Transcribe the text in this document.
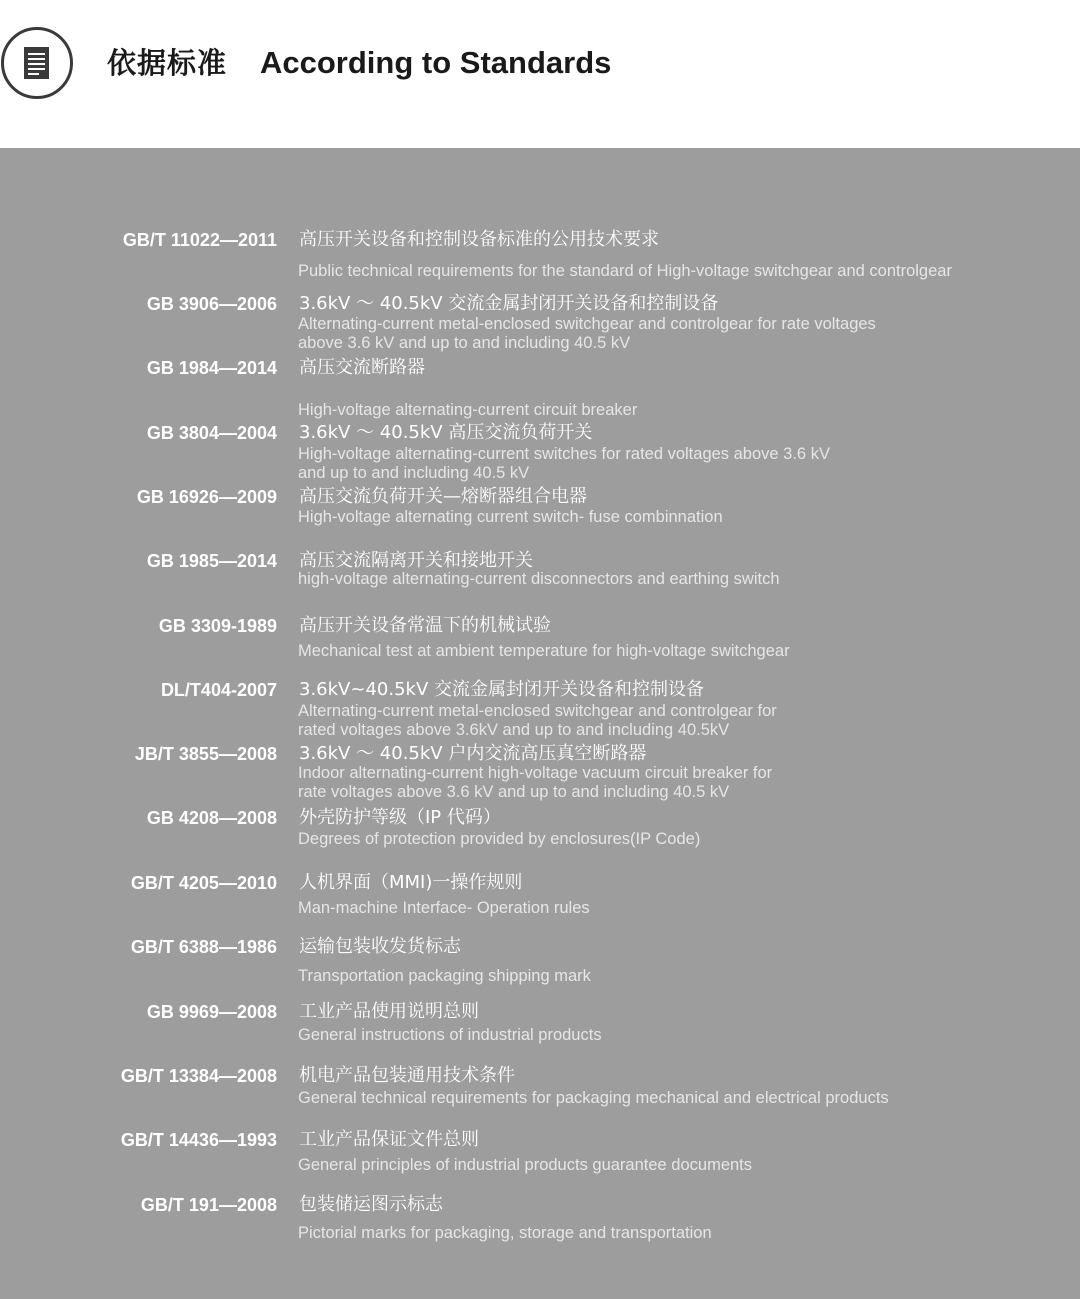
依据标准 According to Standards
GB/T 11022—2011 高压开关设备和控制设备标准的公用技术要求
Public technical requirements for the standard of High-voltage switchgear and controlgear
GB 3906—2006 3.6kV ～ 40.5kV 交流金属封闭开关设备和控制设备
Alternating-current metal-enclosed switchgear and controlgear for rate voltages
above 3.6 kV and up to and including 40.5 kV
GB 1984—2014 高压交流断路器
High-voltage alternating-current circuit breaker
GB 3804—2004 3.6kV ～ 40.5kV 高压交流负荷开关
High-voltage alternating-current switches for rated voltages above 3.6 kV
and up to and including 40.5 kV
GB 16926—2009 高压交流负荷开关—熔断器组合电器
High-voltage alternating current switch- fuse combinnation
GB 1985—2014 高压交流隔离开关和接地开关
high-voltage alternating-current disconnectors and earthing switch
GB 3309-1989 高压开关设备常温下的机械试验
Mechanical test at ambient temperature for high-voltage switchgear
DL/T404-2007 3.6kV~40.5kV 交流金属封闭开关设备和控制设备
Alternating-current metal-enclosed switchgear and controlgear for
rated voltages above 3.6kV and up to and including 40.5kV
JB/T 3855—2008 3.6kV ～ 40.5kV 户内交流高压真空断路器
Indoor alternating-current high-voltage vacuum circuit breaker for
rate voltages above 3.6 kV and up to and including 40.5 kV
GB 4208—2008 外壳防护等级（IP 代码）
Degrees of protection provided by enclosures(IP Code)
GB/T 4205—2010 人机界面（MMI)一操作规则
Man-machine Interface- Operation rules
GB/T 6388—1986 运输包装收发货标志
Transportation packaging shipping mark
GB 9969—2008 工业产品使用说明总则
General instructions of industrial products
GB/T 13384—2008 机电产品包装通用技术条件
General technical requirements for packaging mechanical and electrical products
GB/T 14436—1993 工业产品保证文件总则
General principles of industrial products guarantee documents
GB/T 191—2008 包装储运图示标志
Pictorial marks for packaging, storage and transportation
